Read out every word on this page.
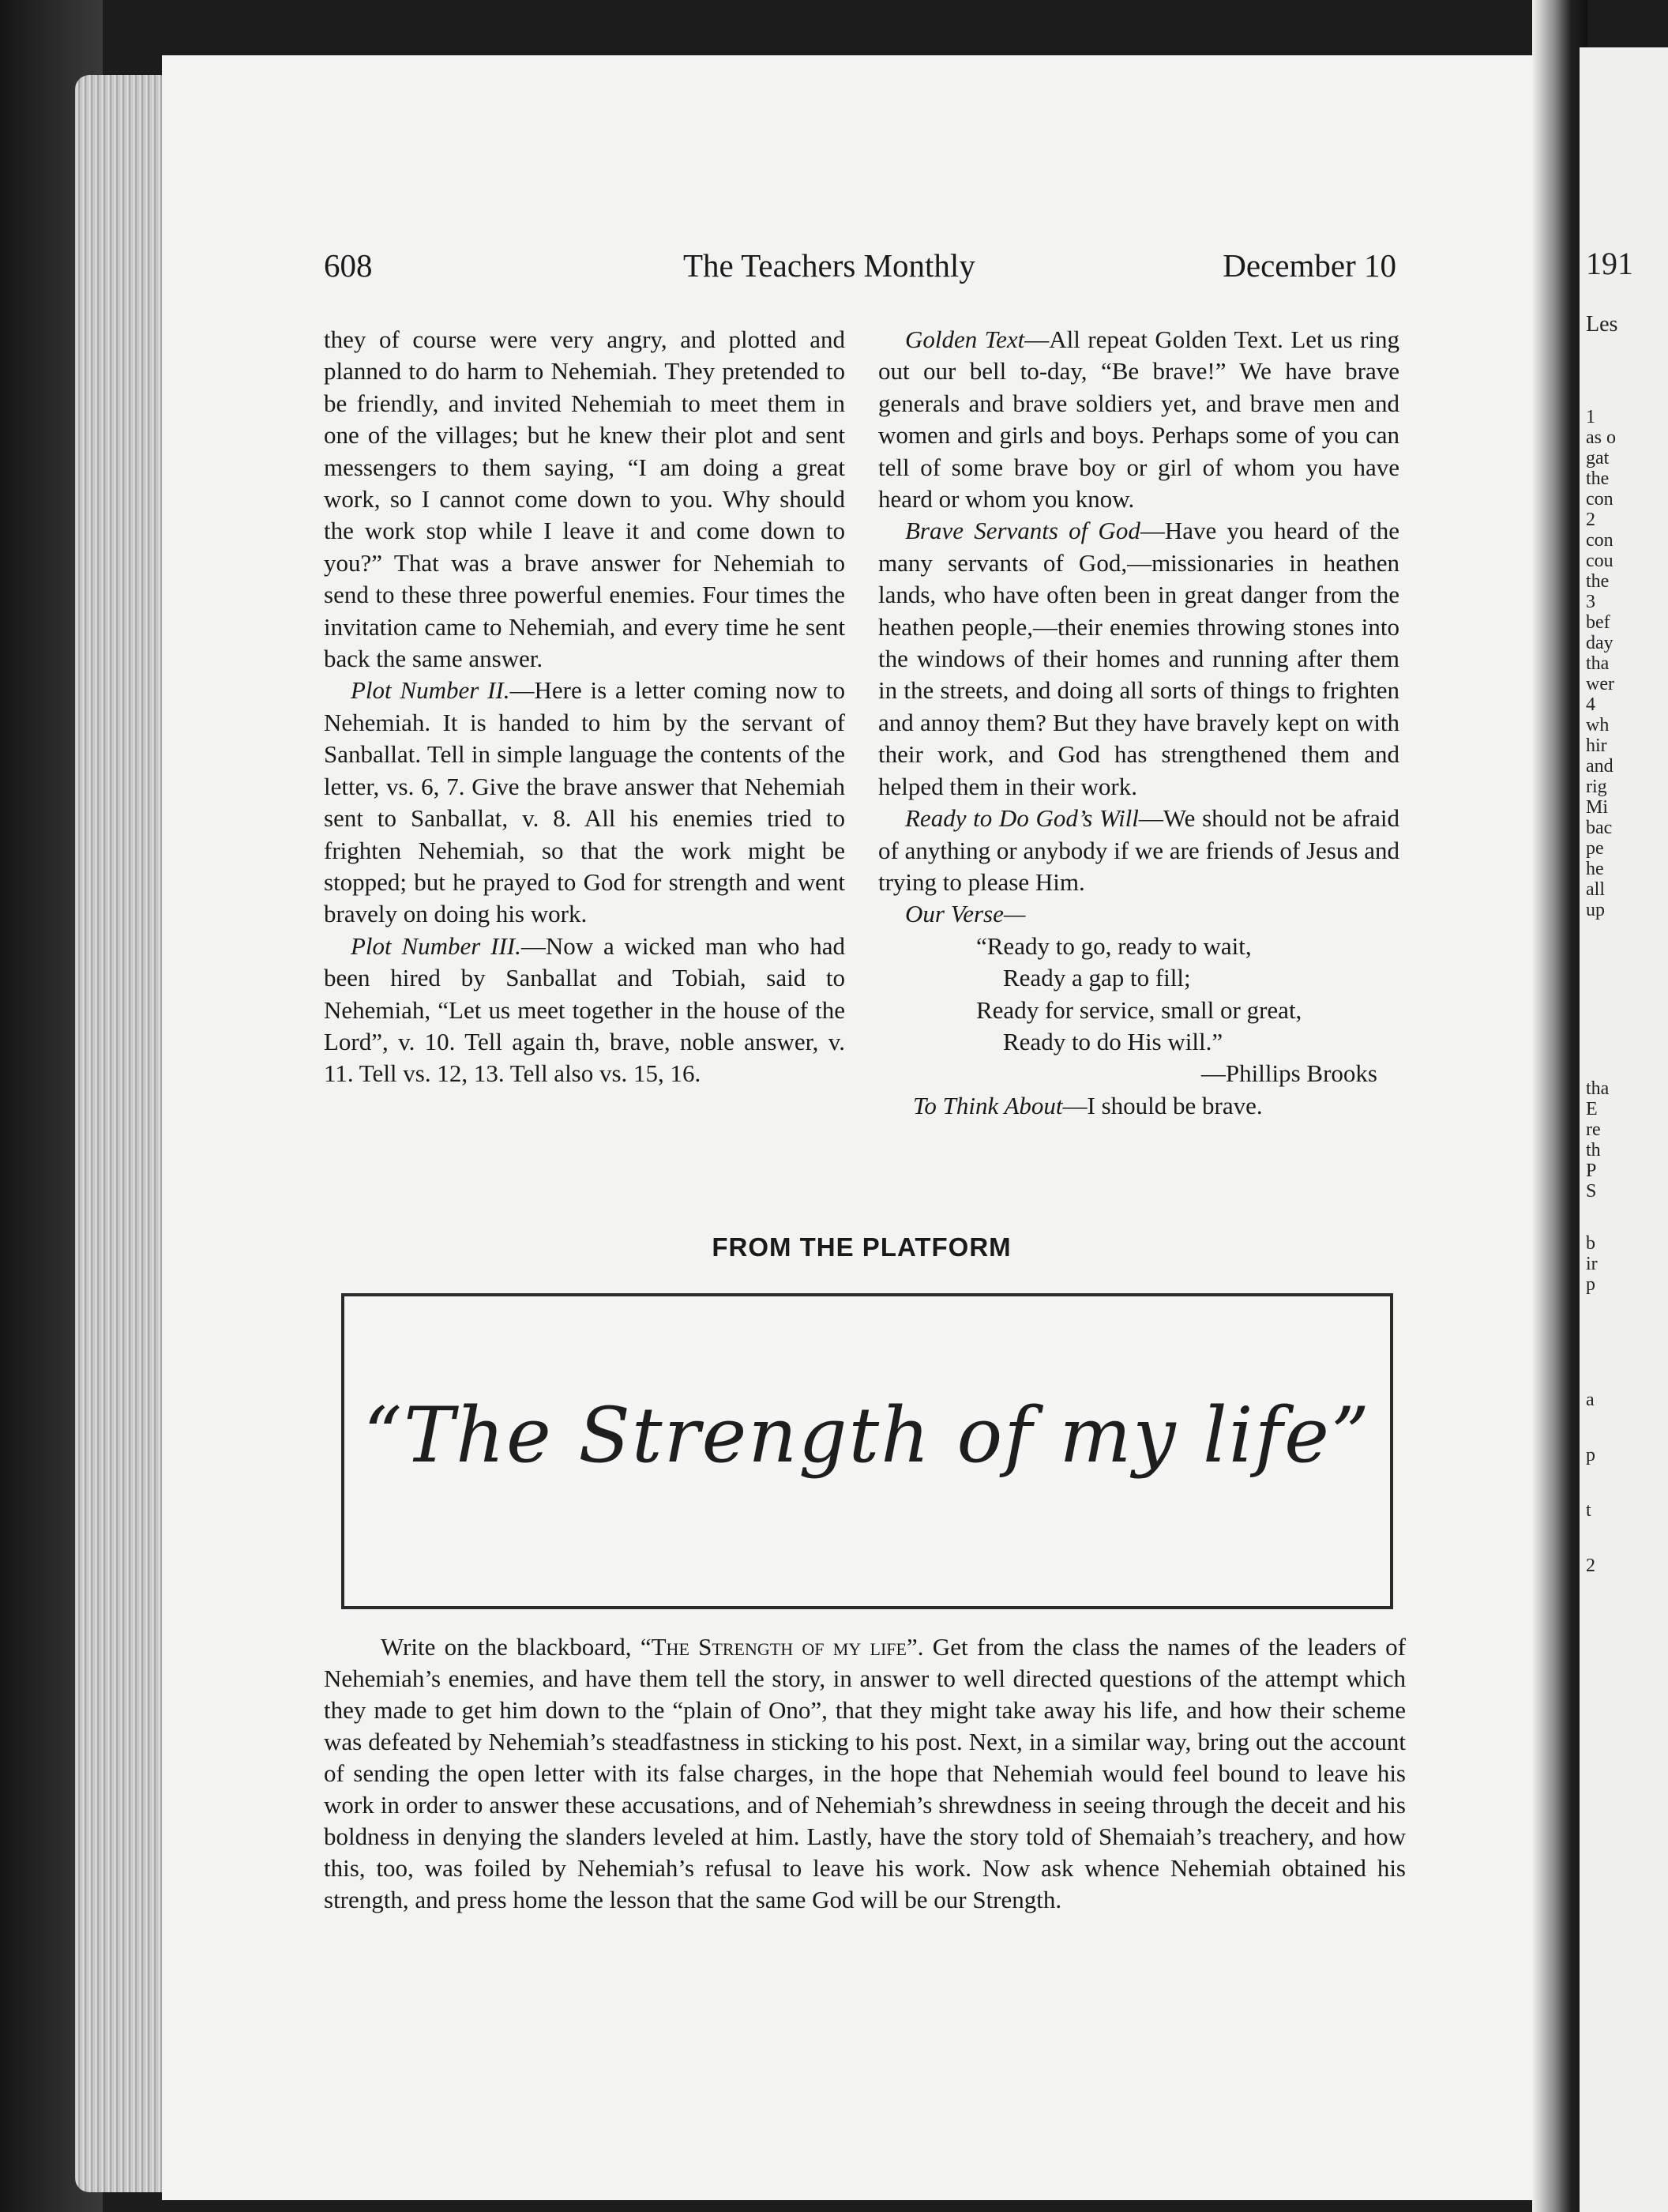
608	The Teachers Monthly	December 10

they of course were very angry, and plotted and planned to do harm to Nehemiah. They pretended to be friendly, and invited Nehemiah to meet them in one of the villages; but he knew their plot and sent messengers to them saying, “I am doing a great work, so I cannot come down to you. Why should the work stop while I leave it and come down to you?” That was a brave answer for Nehemiah to send to these three powerful enemies. Four times the invitation came to Nehemiah, and every time he sent back the same answer.

Plot Number II.—Here is a letter coming now to Nehemiah. It is handed to him by the servant of Sanballat. Tell in simple language the contents of the letter, vs. 6, 7. Give the brave answer that Nehemiah sent to Sanballat, v. 8. All his enemies tried to frighten Nehemiah, so that the work might be stopped; but he prayed to God for strength and went bravely on doing his work.

Plot Number III.—Now a wicked man who had been hired by Sanballat and Tobiah, said to Nehemiah, “Let us meet together in the house of the Lord”, v. 10. Tell again th, brave, noble answer, v. 11. Tell vs. 12, 13. Tell also vs. 15, 16.

Golden Text—All repeat Golden Text. Let us ring out our bell to-day, “Be brave!” We have brave generals and brave soldiers yet, and brave men and women and girls and boys. Perhaps some of you can tell of some brave boy or girl of whom you have heard or whom you know.

Brave Servants of God—Have you heard of the many servants of God,—missionaries in heathen lands, who have often been in great danger from the heathen people,—their enemies throwing stones into the windows of their homes and running after them in the streets, and doing all sorts of things to frighten and annoy them? But they have bravely kept on with their work, and God has strengthened them and helped them in their work.

Ready to Do God’s Will—We should not be afraid of anything or anybody if we are friends of Jesus and trying to please Him.

Our Verse—

“Ready to go, ready to wait,
Ready a gap to fill;
Ready for service, small or great,
Ready to do His will.”
—Phillips Brooks
To Think About—I should be brave.
FROM THE PLATFORM
“The Strength of my life”
Write on the blackboard, “The Strength of my life”. Get from the class the names of the leaders of Nehemiah’s enemies, and have them tell the story, in answer to well directed questions of the attempt which they made to get him down to the “plain of Ono”, that they might take away his life, and how their scheme was defeated by Nehemiah’s steadfastness in sticking to his post. Next, in a similar way, bring out the account of sending the open letter with its false charges, in the hope that Nehemiah would feel bound to leave his work in order to answer these accusations, and of Nehemiah’s shrewdness in seeing through the deceit and his boldness in denying the slanders leveled at him. Lastly, have the story told of Shemaiah’s treachery, and how this, too, was foiled by Nehemiah’s refusal to leave his work. Now ask whence Nehemiah obtained his strength, and press home the lesson that the same God will be our Strength.
191
Les
1
as o
gat
the
con
2
con
cou
the
3
bef
day
tha
wer
4
wh
hir
and
rig
Mi
bac
pe
he
all
up
tha
E
re
th
P
S
b
ir
p
a
p
t
2
